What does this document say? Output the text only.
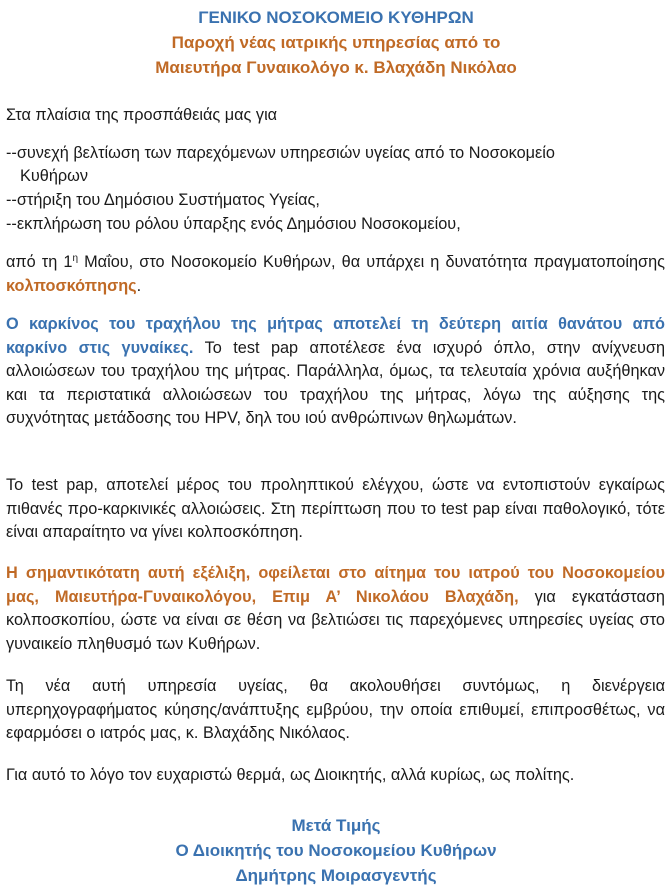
ΓΕΝΙΚΟ ΝΟΣΟΚΟΜΕΙΟ ΚΥΘΗΡΩΝ
Παροχή νέας ιατρικής υπηρεσίας από το
Μαιευτήρα Γυναικολόγο κ. Βλαχάδη Νικόλαο
Στα πλαίσια της προσπάθειάς μας για
--συνεχή βελτίωση των παρεχόμενων υπηρεσιών υγείας από το Νοσοκομείο
Κυθήρων
--στήριξη του Δημόσιου Συστήματος Υγείας,
--εκπλήρωση του ρόλου ύπαρξης ενός Δημόσιου Νοσοκομείου,
από τη $1^\eta$ Μαΐου, στο Νοσοκομείο Κυθήρων, θα υπάρχει η δυνατότητα πραγματοποίησης κολποσκόπησης.
Ο καρκίνος του τραχήλου της μήτρας αποτελεί τη δεύτερη αιτία θανάτου από καρκίνο στις γυναίκες. Το test pap αποτέλεσε ένα ισχυρό όπλο, στην ανίχνευση αλλοιώσεων του τραχήλου της μήτρας. Παράλληλα, όμως, τα τελευταία χρόνια αυξήθηκαν και τα περιστατικά αλλοιώσεων του τραχήλου της μήτρας, λόγω της αύξησης της συχνότητας μετάδοσης του HPV, δηλ του ιού ανθρώπινων θηλωμάτων.
Το test pap, αποτελεί μέρος του προληπτικού ελέγχου, ώστε να εντοπιστούν εγκαίρως πιθανές προ-καρκινικές αλλοιώσεις. Στη περίπτωση που το test pap είναι παθολογικό, τότε είναι απαραίτητο να γίνει κολποσκόπηση.
Η σημαντικότατη αυτή εξέλιξη, οφείλεται στο αίτημα του ιατρού του Νοσοκομείου μας, Μαιευτήρα-Γυναικολόγου, Επιμ Α’ Νικολάου Βλαχάδη, για εγκατάσταση κολποσκοπίου, ώστε να είναι σε θέση να βελτιώσει τις παρεχόμενες υπηρεσίες υγείας στο γυναικείο πληθυσμό των Κυθήρων.
Τη νέα αυτή υπηρεσία υγείας, θα ακολουθήσει συντόμως, η διενέργεια υπερηχογραφήματος κύησης/ανάπτυξης εμβρύου, την οποία επιθυμεί, επιπροσθέτως, να εφαρμόσει ο ιατρός μας, κ. Βλαχάδης Νικόλαος.
Για αυτό το λόγο τον ευχαριστώ θερμά, ως Διοικητής, αλλά κυρίως, ως πολίτης.
Μετά Τιμής
Ο Διοικητής του Νοσοκομείου Κυθήρων
Δημήτρης Μοιρασγεντής
